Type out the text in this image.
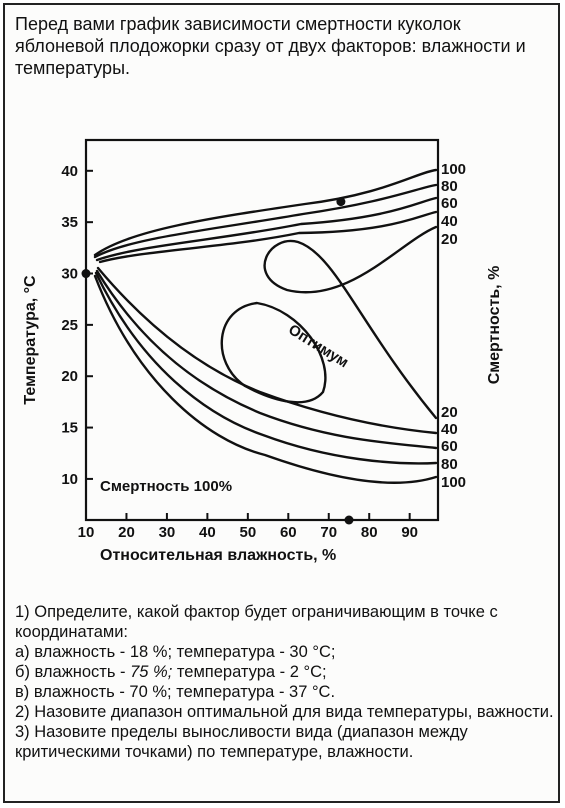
Перед вами график зависимости смертности куколок яблоневой плодожорки сразу от двух факторов: влажности и температуры.

10 20 30 40 50 60 70 80 90
10
15
20
25
30
35
40	100
80
60
40
20
20
40
60
80
100
Оптимум
Смертность 100%
Относительная влажность, %
Температура, °С	Смертность, %

1) Определите, какой фактор будет ограничивающим в точке с координатами:

а) влажность - 18 %; температура - 30 °С;

б) влажность - 75 %; температура - 2 °С;

в) влажность - 70 %; температура - 37 °С.

2) Назовите диапазон оптимальной для вида температуры, важности.

3) Назовите пределы выносливости вида (диапазон между критическими точками) по температуре, влажности.
